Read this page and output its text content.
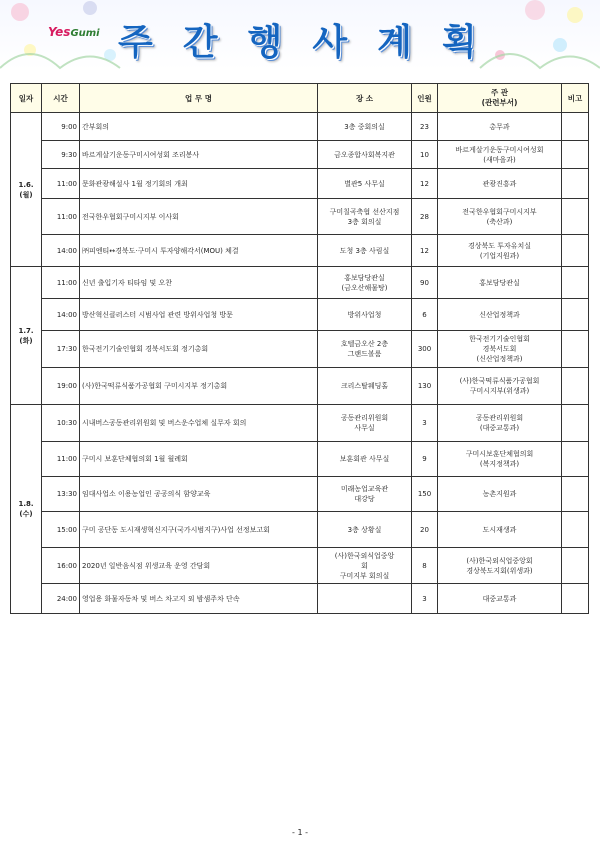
YesGumi 주간행사계획
일자	시간	업 무 명	장 소	인원	주 관
(관련부서)	비고

1.6.
(월)	9:00	간부회의	3층 중회의실	23	총무과	

	9:30	바르게살기운동구미시여성회 조리봉사	금오종합사회복지관	10	바르게살기운동구미시여성회
(새마을과)	

	11:00	문화관광해설사 1월 정기회의 개최	별관5 사무실	12	관광진흥과	

	11:00	전국한우협회구미시지부 이사회	구미칠곡축협 선산지점
3층 회의실	28	전국한우협회구미시지부
(축산과)	

	14:00	㈜피엔티↔경북도·구미시 투자양해각서(MOU) 체결	도청 3층 사림실	12	경상북도 투자유치실
(기업지원과)	

1.7.
(화)	11:00	신년 출입기자 티타임 및 오찬	홍보담당관실
(금오산해물탕)	90	홍보담당관실	

	14:00	방산혁신클러스터 시범사업 관련 방위사업청 방문	방위사업청	6	신산업정책과	

	17:30	한국전기기술인협회 경북서도회 정기총회	호텔금오산 2층
그랜드볼룸	300	한국전기기술인협회
경북서도회
(신산업정책과)	

	19:00	(사)한국떡류식품가공협회 구미시지부 정기총회	크리스탈웨딩홀	130	(사)한국떡류식품가공협회
구미시지부(위생과)	

1.8.
(수)	10:30	시내버스공동관리위원회 및 버스운수업체 실무자 회의	공동관리위원회
사무실	3	공동관리위원회
(대중교통과)	

	11:00	구미시 보훈단체협의회 1월 월례회	보훈회관 사무실	9	구미시보훈단체협의회
(복지정책과)	

	13:30	임대사업소 이용농업인 공공의식 함양교육	미래농업교육관
대강당	150	농촌지원과	

	15:00	구미 공단동 도시재생혁신지구(국가시범지구)사업 선정보고회	3층 상황실	20	도시재생과	

	16:00	2020년 일반음식점 위생교육 운영 간담회	(사)한국외식업중앙
회
구미지부 회의실	8	(사)한국외식업중앙회
경상북도지회(위생과)	

	24:00	영업용 화물자동차 및 버스 차고지 외 밤샘주차 단속		3	대중교통과	

- 1 -
